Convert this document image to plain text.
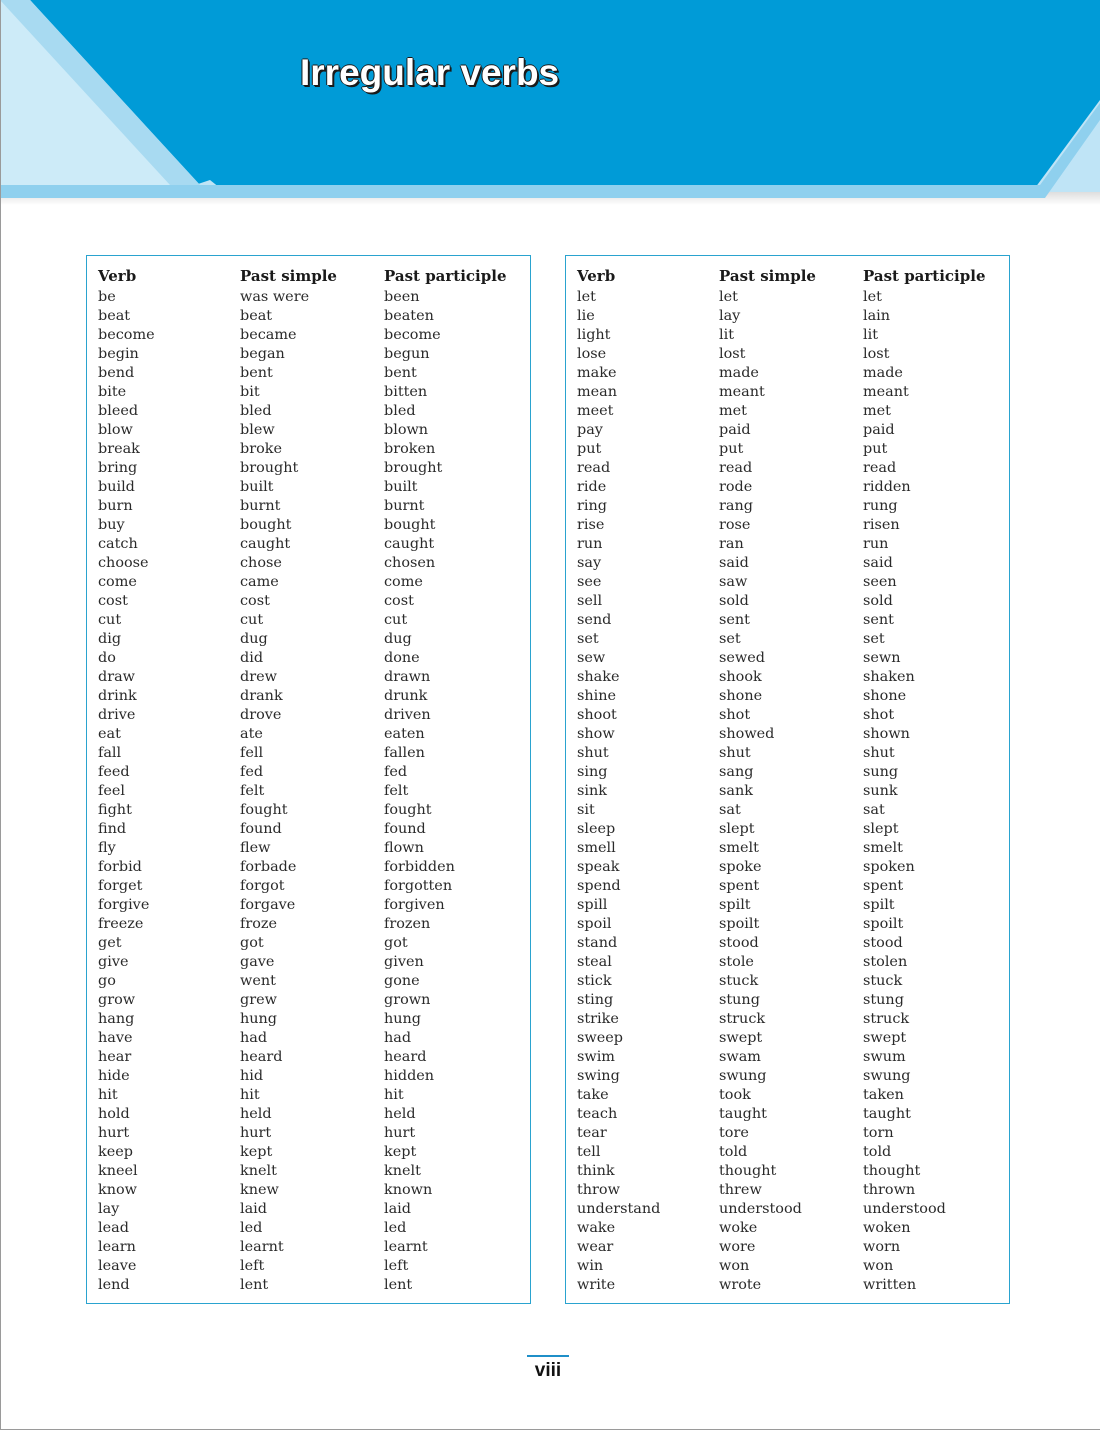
Irregular verbs
Verb
be
beat
become
begin
bend
bite
bleed
blow
break
bring
build
burn
buy
catch
choose
come
cost
cut
dig
do
draw
drink
drive
eat
fall
feed
feel
fight
find
fly
forbid
forget
forgive
freeze
get
give
go
grow
hang
have
hear
hide
hit
hold
hurt
keep
kneel
know
lay
lead
learn
leave
lend
Past simple
was were
beat
became
began
bent
bit
bled
blew
broke
brought
built
burnt
bought
caught
chose
came
cost
cut
dug
did
drew
drank
drove
ate
fell
fed
felt
fought
found
flew
forbade
forgot
forgave
froze
got
gave
went
grew
hung
had
heard
hid
hit
held
hurt
kept
knelt
knew
laid
led
learnt
left
lent
Past participle
been
beaten
become
begun
bent
bitten
bled
blown
broken
brought
built
burnt
bought
caught
chosen
come
cost
cut
dug
done
drawn
drunk
driven
eaten
fallen
fed
felt
fought
found
flown
forbidden
forgotten
forgiven
frozen
got
given
gone
grown
hung
had
heard
hidden
hit
held
hurt
kept
knelt
known
laid
led
learnt
left
lent
Verb
let
lie
light
lose
make
mean
meet
pay
put
read
ride
ring
rise
run
say
see
sell
send
set
sew
shake
shine
shoot
show
shut
sing
sink
sit
sleep
smell
speak
spend
spill
spoil
stand
steal
stick
sting
strike
sweep
swim
swing
take
teach
tear
tell
think
throw
understand
wake
wear
win
write
Past simple
let
lay
lit
lost
made
meant
met
paid
put
read
rode
rang
rose
ran
said
saw
sold
sent
set
sewed
shook
shone
shot
showed
shut
sang
sank
sat
slept
smelt
spoke
spent
spilt
spoilt
stood
stole
stuck
stung
struck
swept
swam
swung
took
taught
tore
told
thought
threw
understood
woke
wore
won
wrote
Past participle
let
lain
lit
lost
made
meant
met
paid
put
read
ridden
rung
risen
run
said
seen
sold
sent
set
sewn
shaken
shone
shot
shown
shut
sung
sunk
sat
slept
smelt
spoken
spent
spilt
spoilt
stood
stolen
stuck
stung
struck
swept
swum
swung
taken
taught
torn
told
thought
thrown
understood
woken
worn
won
written
viii
